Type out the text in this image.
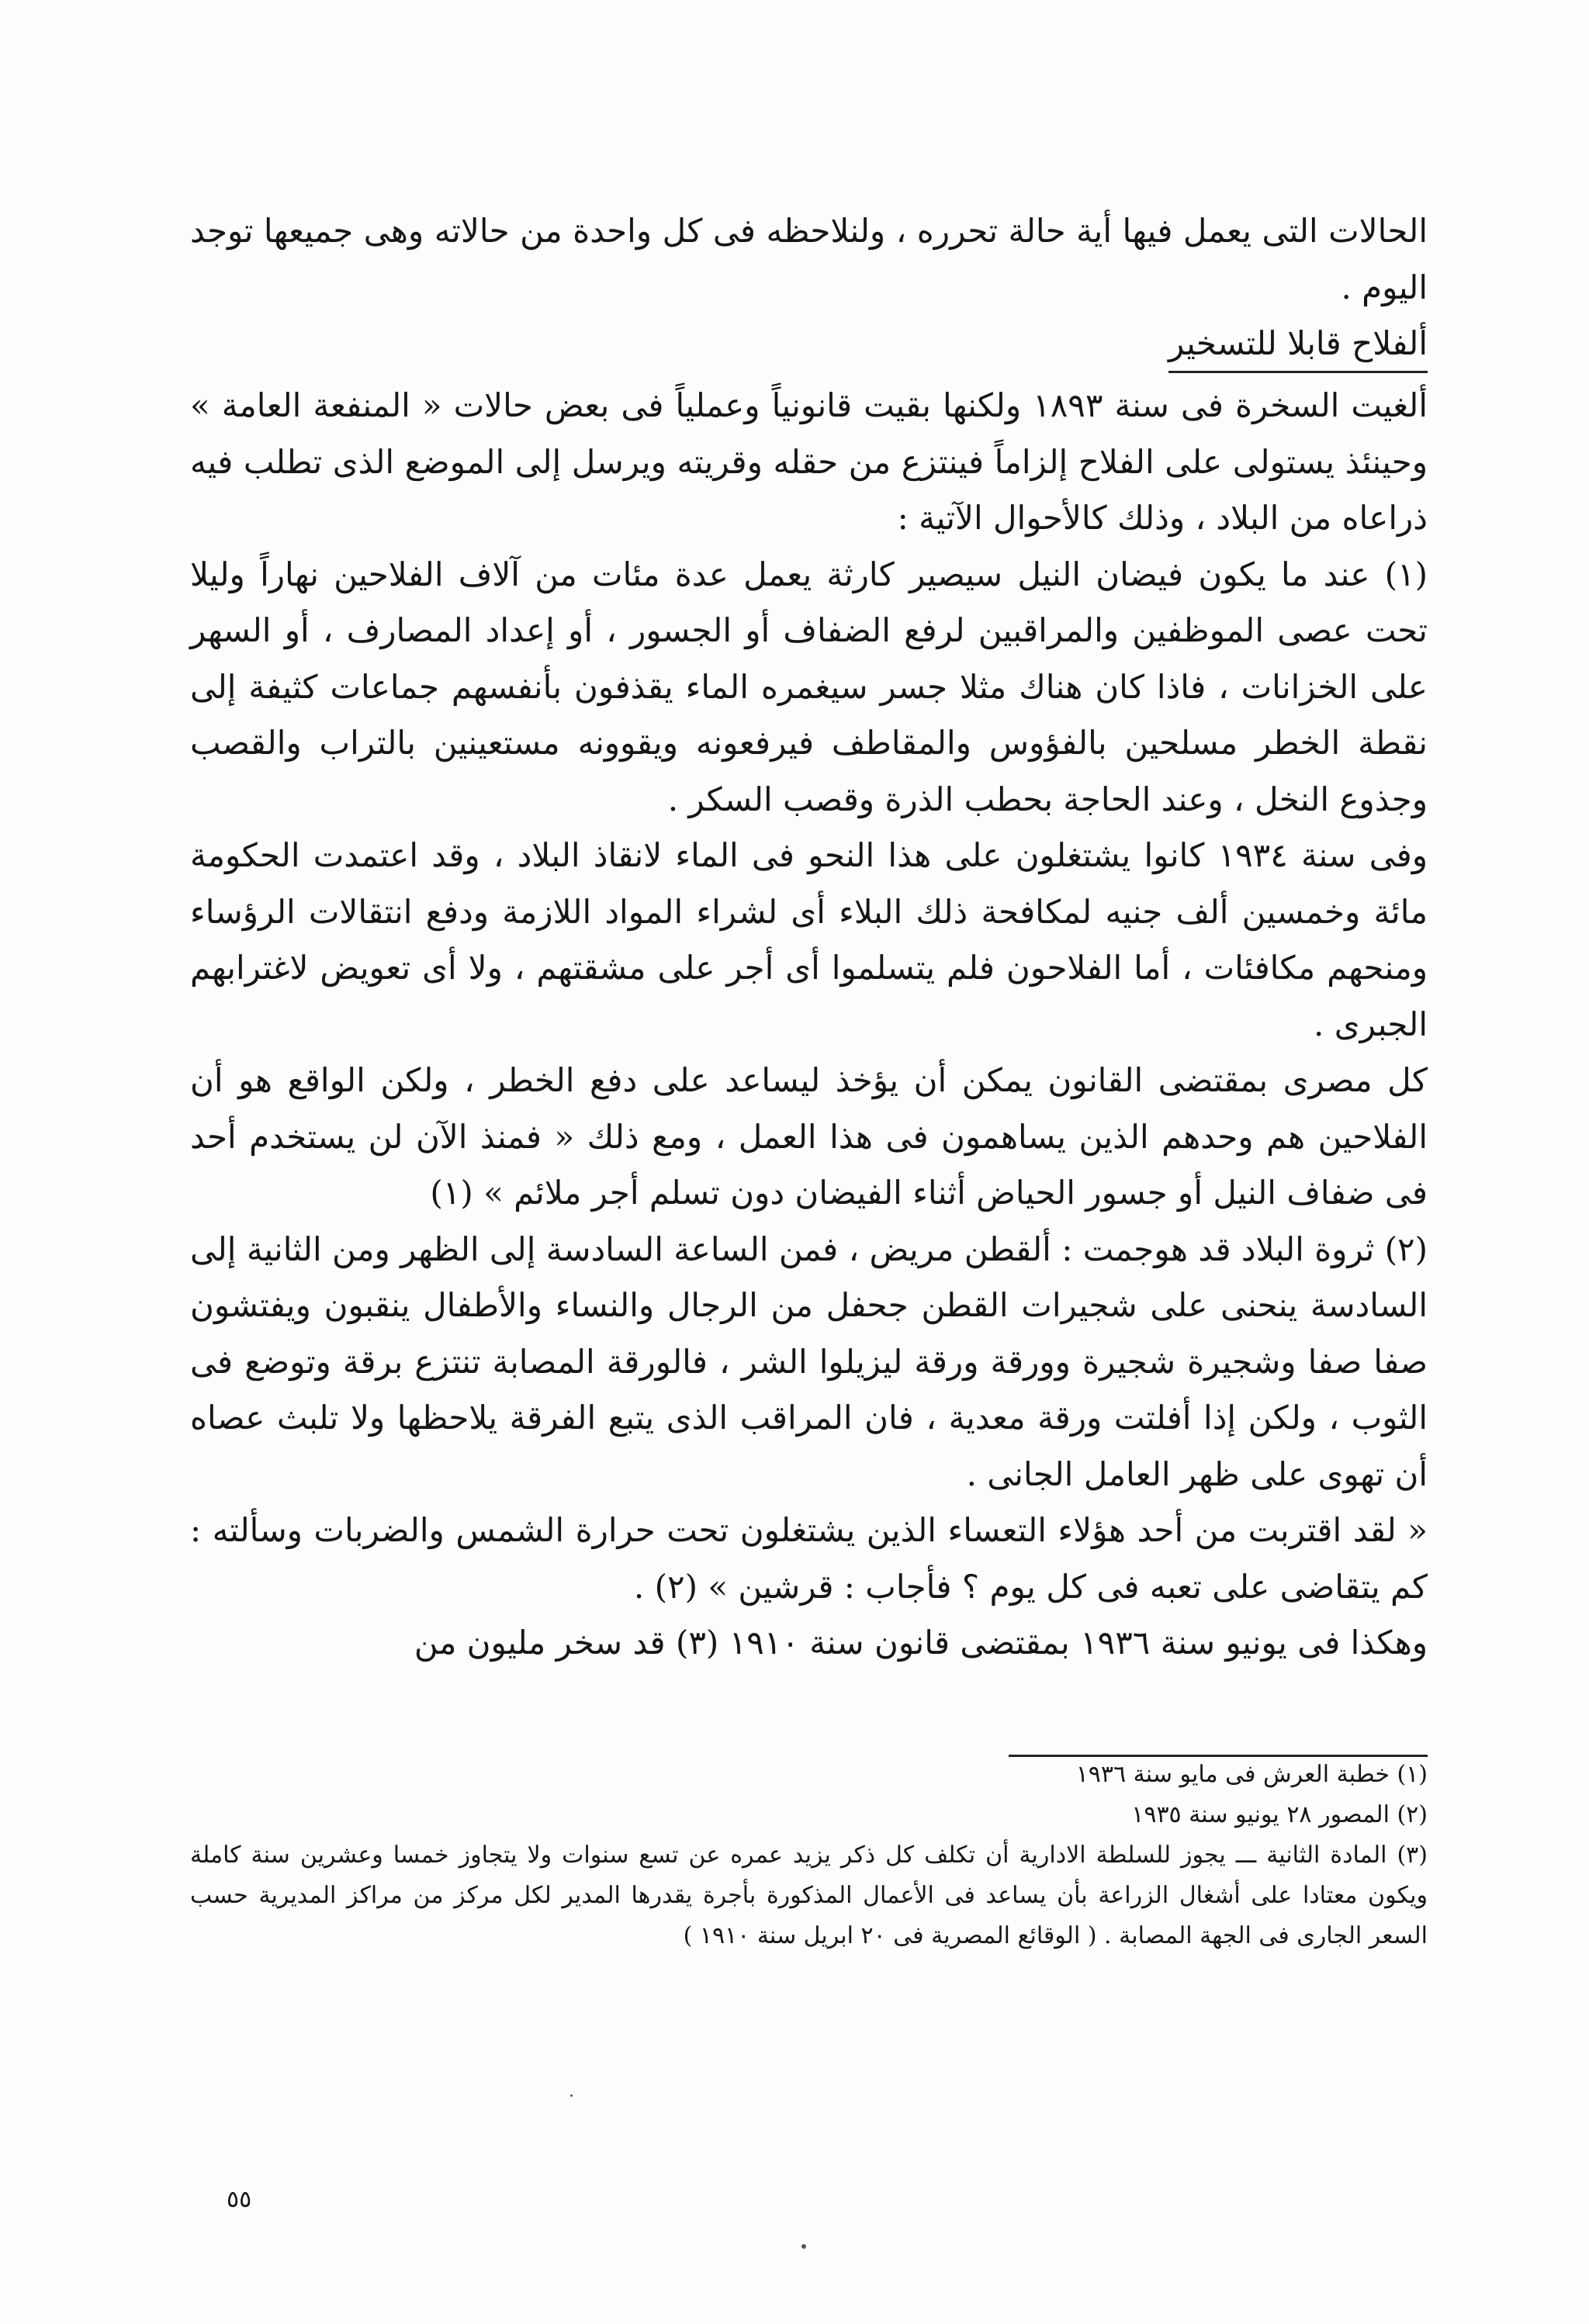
الحالات التى يعمل فيها أية حالة تحرره ، ولنلاحظه فى كل واحدة من حالاته وهى جميعها توجد اليوم .

ألفلاح قابلا للتسخير

ألغيت السخرة فى سنة ١٨٩٣ ولكنها بقيت قانونياً وعملياً فى بعض حالات « المنفعة العامة » وحينئذ يستولى على الفلاح إلزاماً فينتزع من حقله وقريته ويرسل إلى الموضع الذى تطلب فيه ذراعاه من البلاد ، وذلك كالأحوال الآتية :

(١) عند ما يكون فيضان النيل سيصير كارثة يعمل عدة مئات من آلاف الفلاحين نهاراً وليلا تحت عصى الموظفين والمراقبين لرفع الضفاف أو الجسور ، أو إعداد المصارف ، أو السهر على الخزانات ، فاذا كان هناك مثلا جسر سيغمره الماء يقذفون بأنفسهم جماعات كثيفة إلى نقطة الخطر مسلحين بالفؤوس والمقاطف فيرفعونه ويقوونه مستعينين بالتراب والقصب وجذوع النخل ، وعند الحاجة بحطب الذرة وقصب السكر .

وفى سنة ١٩٣٤ كانوا يشتغلون على هذا النحو فى الماء لانقاذ البلاد ، وقد اعتمدت الحكومة مائة وخمسين ألف جنيه لمكافحة ذلك البلاء أى لشراء المواد اللازمة ودفع انتقالات الرؤساء ومنحهم مكافئات ، أما الفلاحون فلم يتسلموا أى أجر على مشقتهم ، ولا أى تعويض لاغترابهم الجبرى .

كل مصرى بمقتضى القانون يمكن أن يؤخذ ليساعد على دفع الخطر ، ولكن الواقع هو أن الفلاحين هم وحدهم الذين يساهمون فى هذا العمل ، ومع ذلك « فمنذ الآن لن يستخدم أحد فى ضفاف النيل أو جسور الحياض أثناء الفيضان دون تسلم أجر ملائم » (١)

(٢) ثروة البلاد قد هوجمت : ألقطن مريض ، فمن الساعة السادسة إلى الظهر ومن الثانية إلى السادسة ينحنى على شجيرات القطن جحفل من الرجال والنساء والأطفال ينقبون ويفتشون صفا صفا وشجيرة شجيرة وورقة ورقة ليزيلوا الشر ، فالورقة المصابة تنتزع برقة وتوضع فى الثوب ، ولكن إذا أفلتت ورقة معدية ، فان المراقب الذى يتبع الفرقة يلاحظها ولا تلبث عصاه أن تهوى على ظهر العامل الجانى .

« لقد اقتربت من أحد هؤلاء التعساء الذين يشتغلون تحت حرارة الشمس والضربات وسألته : كم يتقاضى على تعبه فى كل يوم ؟ فأجاب : قرشين » (٢) .

وهكذا فى يونيو سنة ١٩٣٦ بمقتضى قانون سنة ١٩١٠ (٣) قد سخر مليون من

(١) خطبة العرش فى مايو سنة ١٩٣٦

(٢) المصور ٢٨ يونيو سنة ١٩٣٥

(٣) المادة الثانية ـــ يجوز للسلطة الادارية أن تكلف كل ذكر يزيد عمره عن تسع سنوات ولا يتجاوز خمسا وعشرين سنة كاملة ويكون معتادا على أشغال الزراعة بأن يساعد فى الأعمال المذكورة بأجرة يقدرها المدير لكل مركز من مراكز المديرية حسب السعر الجارى فى الجهة المصابة . ( الوقائع المصرية فى ٢٠ ابريل سنة ١٩١٠ )

٥٥
